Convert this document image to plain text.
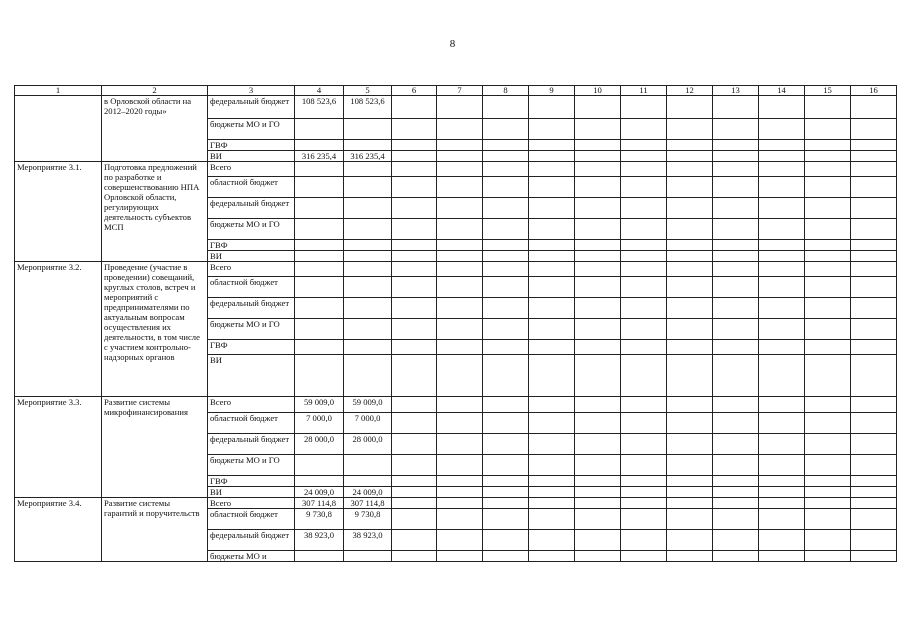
8
1	2	3	4	5	6	7	8	9	10	11	12	13	14	15	16
	в Орловской области на 2012–2020 годы»	федеральный бюджет	108 523,6	108 523,6											
		бюджеты МО и ГО													
		ГВФ													
		ВИ	316 235,4	316 235,4											
Мероприятие 3.1.	Подготовка предложений по разработке и совершенствованию НПА Орловской области, регулирующих деятельность субъектов МСП	Всего													
		областной бюджет													
		федеральный бюджет													
		бюджеты МО и ГО													
		ГВФ													
		ВИ													
Мероприятие 3.2.	Проведение (участие в проведении) совещаний, круглых столов, встреч и мероприятий с предпринимателями по актуальным вопросам осуществления их деятельности, в том числе с участием контрольно-надзорных органов	Всего													
		областной бюджет													
		федеральный бюджет													
		бюджеты МО и ГО													
		ГВФ													
		ВИ													
Мероприятие 3.3.	Развитие системы микрофинансирования	Всего	59 009,0	59 009,0											
		областной бюджет	7 000,0	7 000,0											
		федеральный бюджет	28 000,0	28 000,0											
		бюджеты МО и ГО													
		ГВФ													
		ВИ	24 009,0	24 009,0											
Мероприятие 3.4.	Развитие системы гарантий и поручительств	Всего	307 114,8	307 114,8											
		областной бюджет	9 730,8	9 730,8											
		федеральный бюджет	38 923,0	38 923,0											
		бюджеты МО и													
